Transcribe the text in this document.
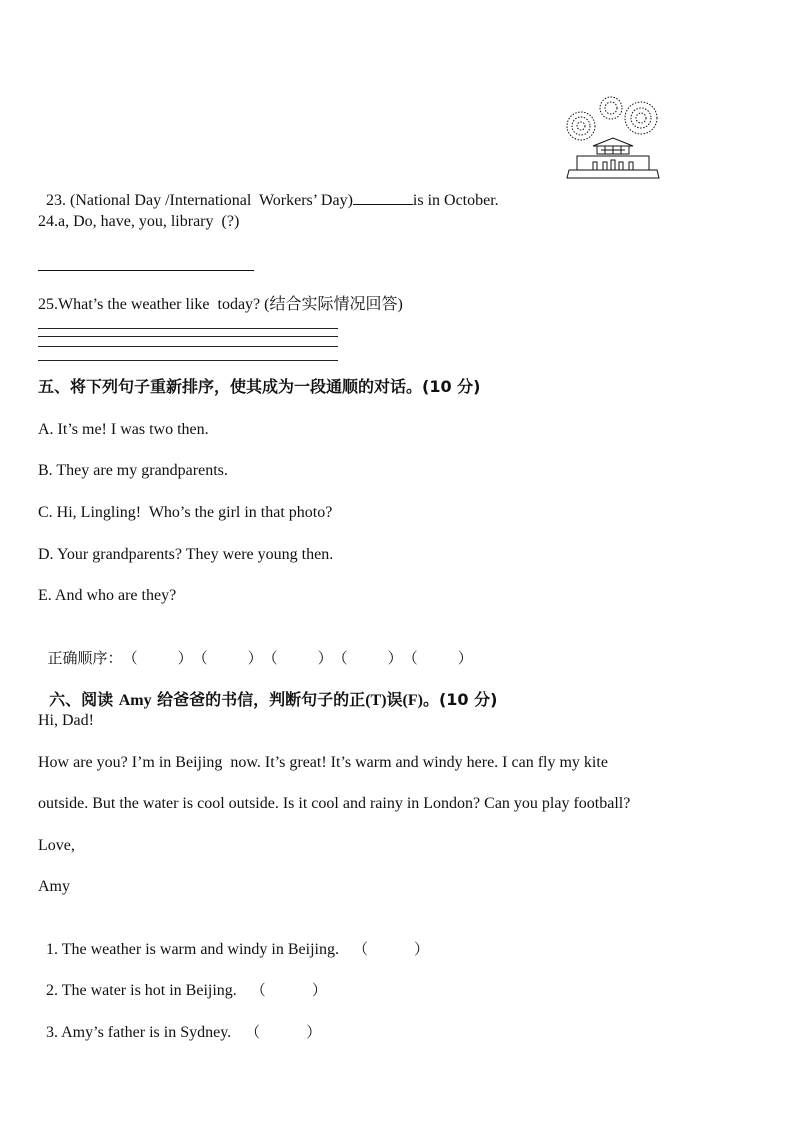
23. (National Day /International  Workers’ Day)	is in October.

24.a, Do, have, you, library  (?)
25.What’s the weather like  today? (结合实际情况回答)
五、将下列句子重新排序，使其成为一段通顺的对话。(10 分)
A. It’s me! I was two then.
B. They are my grandparents.
C. Hi, Lingling!  Who’s the girl in that photo?
D. Your grandparents? They were young then.
E. And who are they?

正确顺序：（	）（	）（	）（	）（	）

六、阅读 Amy 给爸爸的书信，判断句子的正(T)误(F)。(10 分)

Hi, Dad!
How are you? I’m in Beijing  now. It’s great! It’s warm and windy here. I can fly my kite
outside. But the water is cool outside. Is it cool and rainy in London? Can you play football?
Love,
Amy

1. The weather is warm and windy in Beijing. （	）

2. The water is hot in Beijing. （	）

3. Amy’s father is in Sydney. （	）
